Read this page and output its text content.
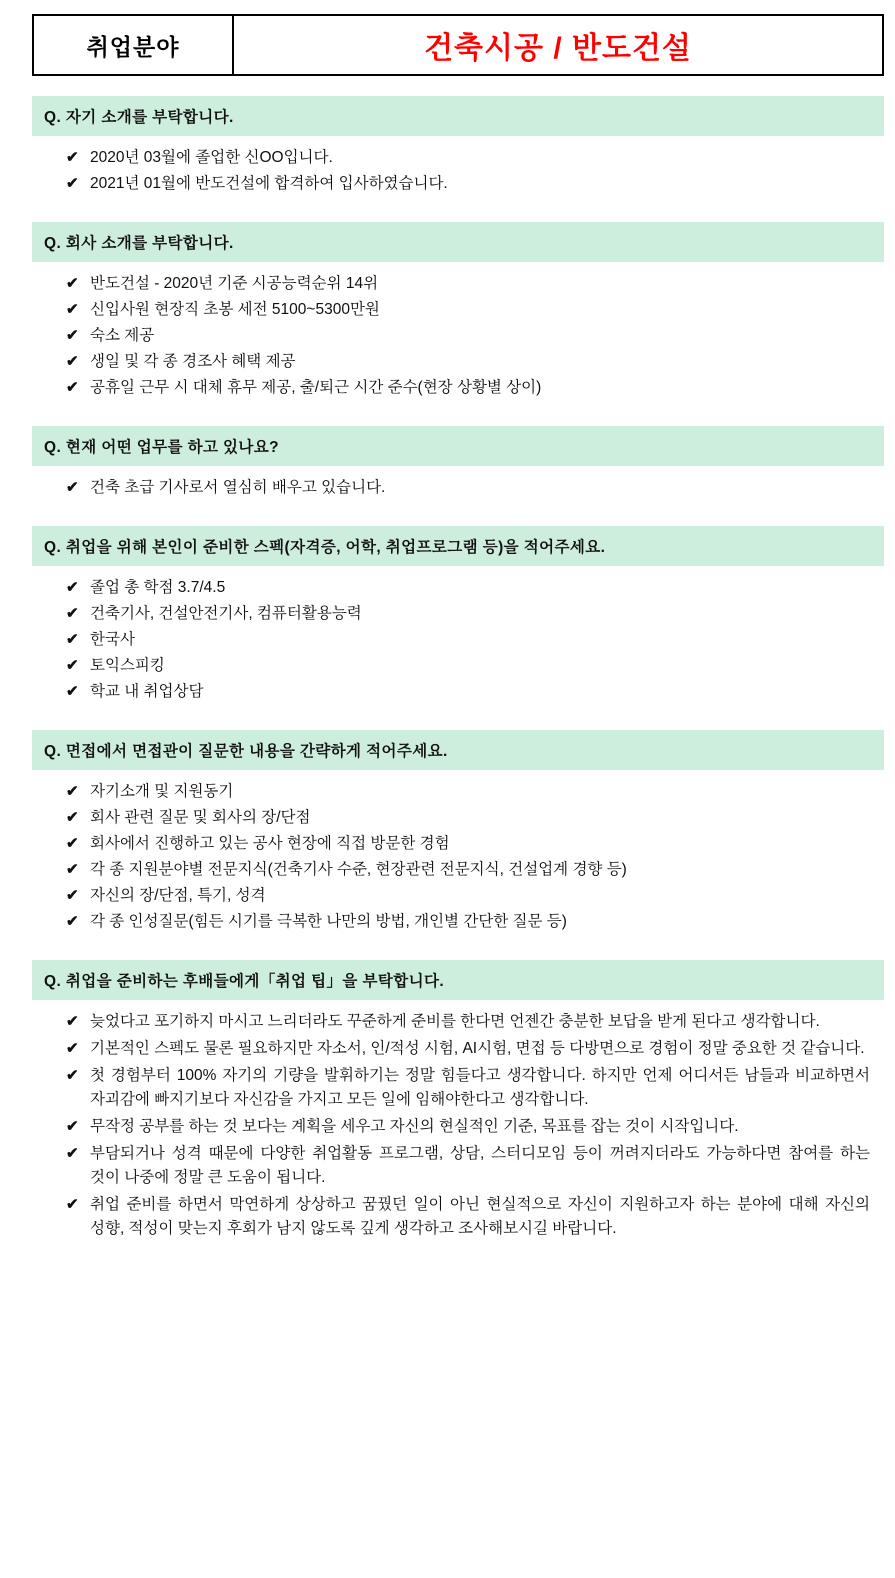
취업분야	건축시공 / 반도건설
Q. 자기 소개를 부탁합니다.
✔ 2020년 03월에 졸업한 신OO입니다.
✔ 2021년 01월에 반도건설에 합격하여 입사하였습니다.
Q. 회사 소개를 부탁합니다.
✔ 반도건설 - 2020년 기준 시공능력순위 14위
✔ 신입사원 현장직 초봉 세전 5100~5300만원
✔ 숙소 제공
✔ 생일 및 각 종 경조사 혜택 제공
✔ 공휴일 근무 시 대체 휴무 제공, 출/퇴근 시간 준수(현장 상황별 상이)
Q. 현재 어떤 업무를 하고 있나요?
✔ 건축 초급 기사로서 열심히 배우고 있습니다.
Q. 취업을 위해 본인이 준비한 스펙(자격증, 어학, 취업프로그램 등)을 적어주세요.
✔ 졸업 총 학점 3.7/4.5
✔ 건축기사, 건설안전기사, 컴퓨터활용능력
✔ 한국사
✔ 토익스피킹
✔ 학교 내 취업상담
Q. 면접에서 면접관이 질문한 내용을 간략하게 적어주세요.
✔ 자기소개 및 지원동기
✔ 회사 관련 질문 및 회사의 장/단점
✔ 회사에서 진행하고 있는 공사 현장에 직접 방문한 경험
✔ 각 종 지원분야별 전문지식(건축기사 수준, 현장관련 전문지식, 건설업계 경향 등)
✔ 자신의 장/단점, 특기, 성격
✔ 각 종 인성질문(힘든 시기를 극복한 나만의 방법, 개인별 간단한 질문 등)
Q. 취업을 준비하는 후배들에게「취업 팁」을 부탁합니다.
✔ 늦었다고 포기하지 마시고 느리더라도 꾸준하게 준비를 한다면 언젠간 충분한 보답을 받게 된다고 생각합니다.
✔ 기본적인 스펙도 물론 필요하지만 자소서, 인/적성 시험, AI시험, 면접 등 다방면으로 경험이 정말 중요한 것 같습니다.
✔ 첫 경험부터 100% 자기의 기량을 발휘하기는 정말 힘들다고 생각합니다. 하지만 언제 어디서든 남들과 비교하면서 자괴감에 빠지기보다 자신감을 가지고 모든 일에 임해야한다고 생각합니다.
✔ 무작정 공부를 하는 것 보다는 계획을 세우고 자신의 현실적인 기준, 목표를 잡는 것이 시작입니다.
✔ 부담되거나 성격 때문에 다양한 취업활동 프로그램, 상담, 스터디모임 등이 꺼려지더라도 가능하다면 참여를 하는 것이 나중에 정말 큰 도움이 됩니다.
✔ 취업 준비를 하면서 막연하게 상상하고 꿈꿨던 일이 아닌 현실적으로 자신이 지원하고자 하는 분야에 대해 자신의 성향, 적성이 맞는지 후회가 남지 않도록 깊게 생각하고 조사해보시길 바랍니다.
